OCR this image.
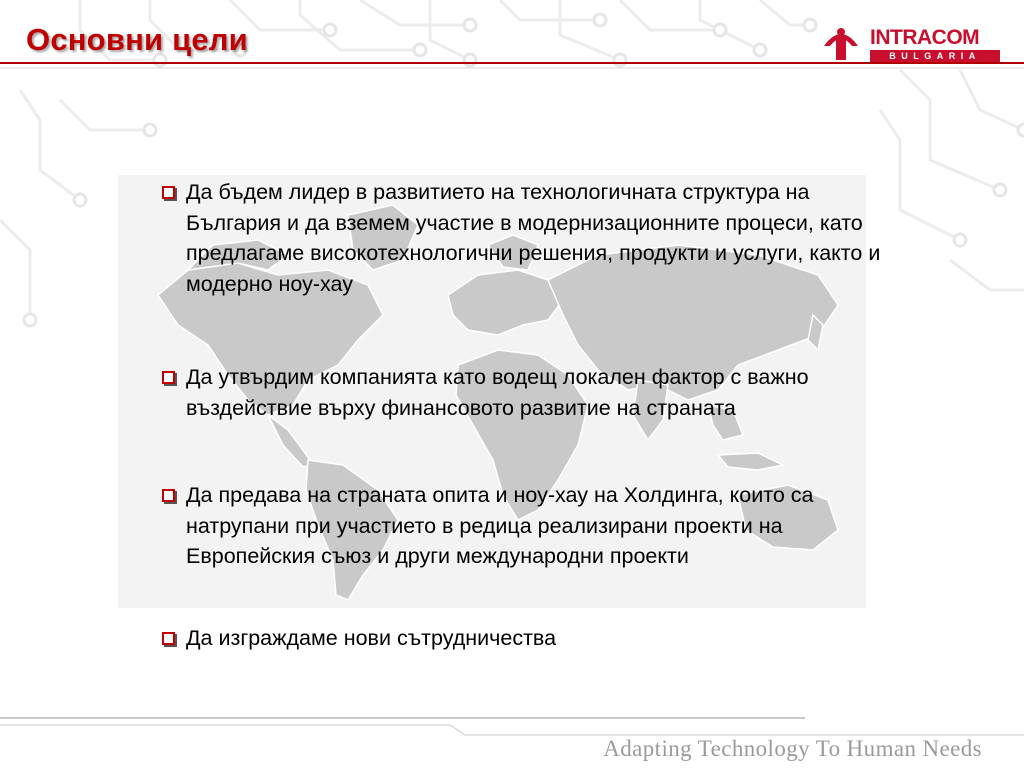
Основни цели	INTRACOM
BULGARIA

Да бъдем лидер в развитието на технологичната структура на България и да вземем участие в модернизационните процеси, като предлагаме високотехнологични решения, продукти и услуги, както и модерно ноу-хау

Да утвърдим компанията като водещ локален фактор с важно въздействие върху финансовото развитие на страната

Да предава на страната опита и ноу-хау на Холдинга, които са натрупани при участието в редица реализирани проекти на Европейския съюз и други международни проекти

Да изграждаме нови сътрудничества

Adapting Technology To Human Needs
